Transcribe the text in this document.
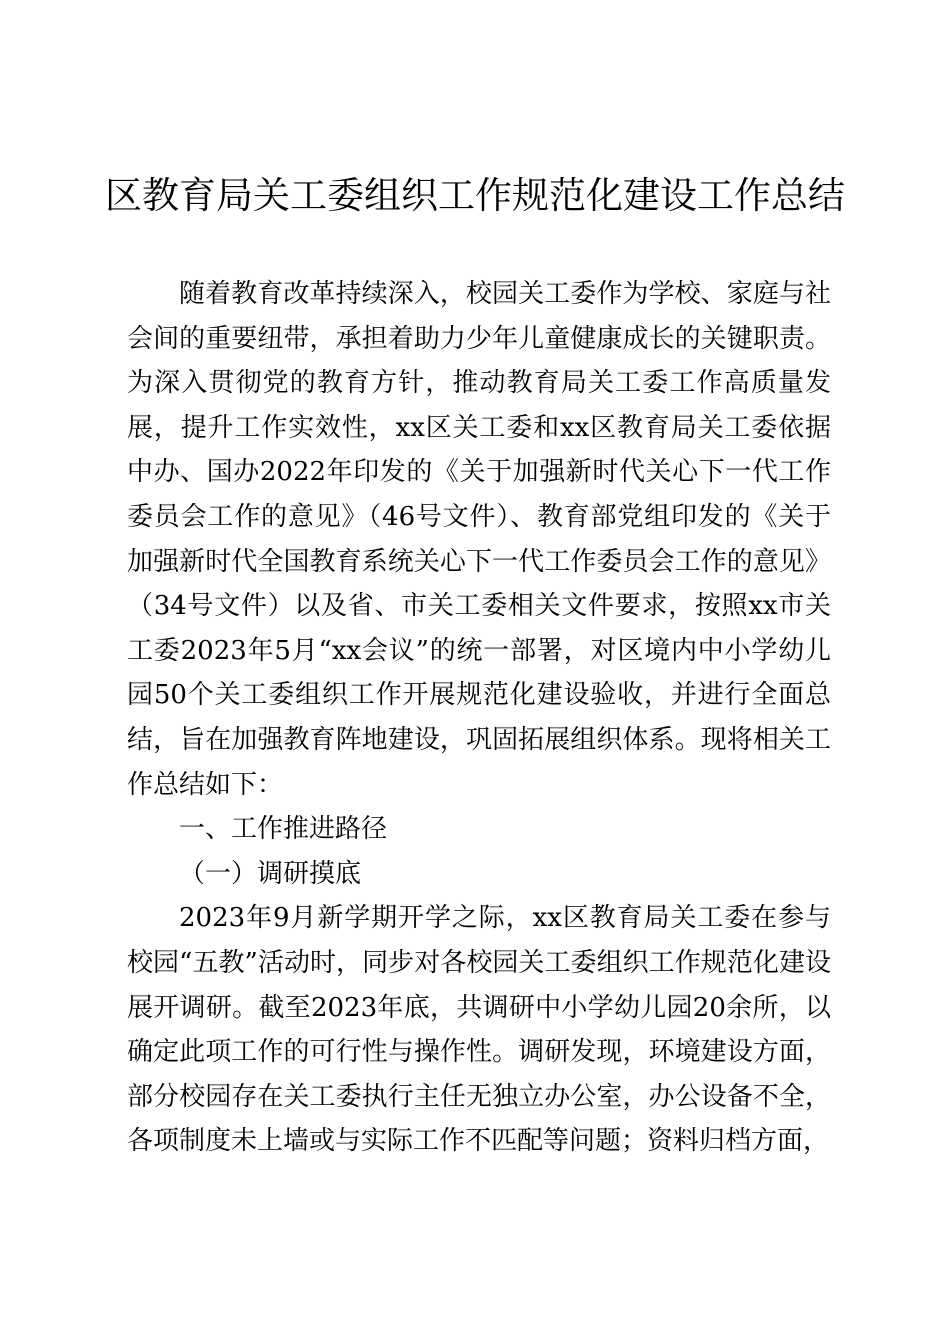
区教育局关工委组织工作规范化建设工作总结

随着教育改革持续深入，校园关工委作为学校、家庭与社会间的重要纽带，承担着助力少年儿童健康成长的关键职责。为深入贯彻党的教育方针，推动教育局关工委工作高质量发展，提升工作实效性，xx区关工委和xx区教育局关工委依据中办、国办2022年印发的《关于加强新时代关心下一代工作委员会工作的意见》（46号文件）、教育部党组印发的《关于加强新时代全国教育系统关心下一代工作委员会工作的意见》（34号文件）以及省、市关工委相关文件要求，按照xx市关工委2023年5月“xx会议”的统一部署，对区境内中小学幼儿园50个关工委组织工作开展规范化建设验收，并进行全面总结，旨在加强教育阵地建设，巩固拓展组织体系。现将相关工作总结如下：

一、工作推进路径

（一）调研摸底

2023年9月新学期开学之际，xx区教育局关工委在参与校园“五教”活动时，同步对各校园关工委组织工作规范化建设展开调研。截至2023年底，共调研中小学幼儿园20余所，以确定此项工作的可行性与操作性。调研发现，环境建设方面，部分校园存在关工委执行主任无独立办公室，办公设备不全，各项制度未上墙或与实际工作不匹配等问题；资料归档方面，
